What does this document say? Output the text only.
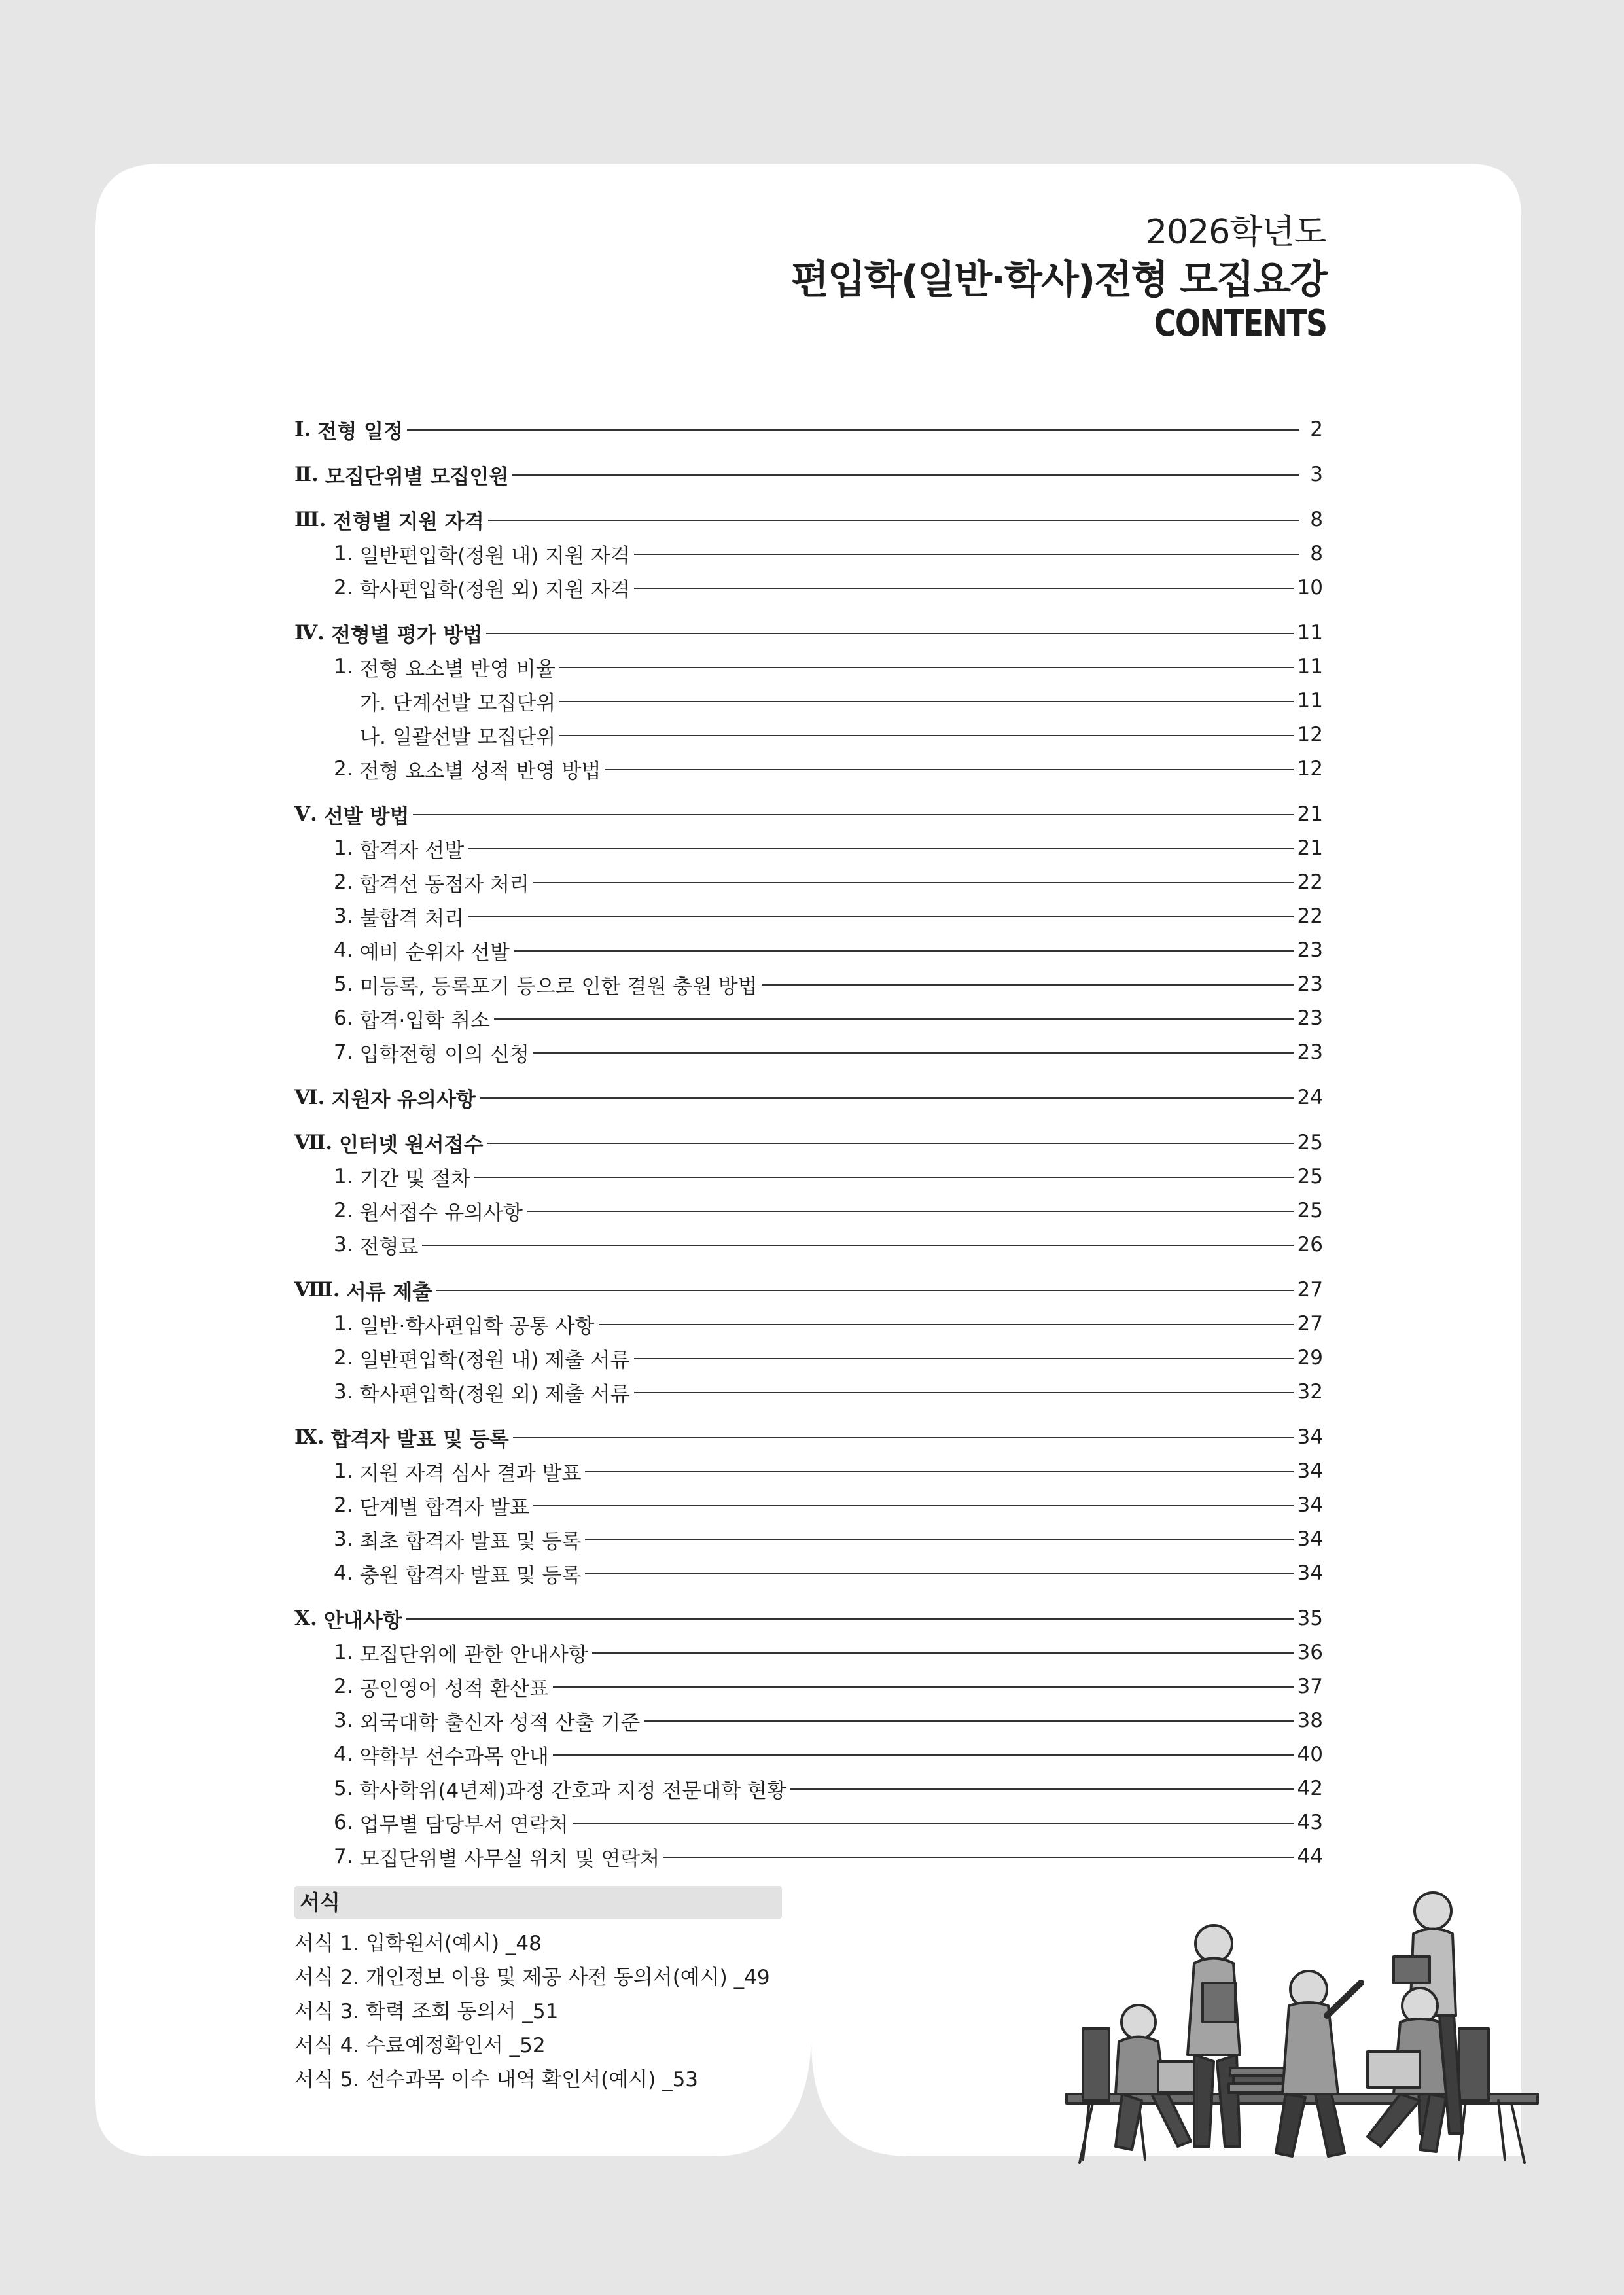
2026학년도
편입학(일반·학사)전형 모집요강
CONTENTS
Ⅰ. 전형 일정	2
Ⅱ. 모집단위별 모집인원	3
Ⅲ. 전형별 지원 자격	8
1. 일반편입학(정원 내) 지원 자격	8
2. 학사편입학(정원 외) 지원 자격	10
Ⅳ. 전형별 평가 방법	11
1. 전형 요소별 반영 비율	11
가. 단계선발 모집단위	11
나. 일괄선발 모집단위	12
2. 전형 요소별 성적 반영 방법	12
Ⅴ. 선발 방법	21
1. 합격자 선발	21
2. 합격선 동점자 처리	22
3. 불합격 처리	22
4. 예비 순위자 선발	23
5. 미등록, 등록포기 등으로 인한 결원 충원 방법	23
6. 합격·입학 취소	23
7. 입학전형 이의 신청	23
Ⅵ. 지원자 유의사항	24
Ⅶ. 인터넷 원서접수	25
1. 기간 및 절차	25
2. 원서접수 유의사항	25
3. 전형료	26
Ⅷ. 서류 제출	27
1. 일반·학사편입학 공통 사항	27
2. 일반편입학(정원 내) 제출 서류	29
3. 학사편입학(정원 외) 제출 서류	32
Ⅸ. 합격자 발표 및 등록	34
1. 지원 자격 심사 결과 발표	34
2. 단계별 합격자 발표	34
3. 최초 합격자 발표 및 등록	34
4. 충원 합격자 발표 및 등록	34
Ⅹ. 안내사항	35
1. 모집단위에 관한 안내사항	36
2. 공인영어 성적 환산표	37
3. 외국대학 출신자 성적 산출 기준	38
4. 약학부 선수과목 안내	40
5. 학사학위(4년제)과정 간호과 지정 전문대학 현황	42
6. 업무별 담당부서 연락처	43
7. 모집단위별 사무실 위치 및 연락처	44
서식
서식 1. 입학원서(예시) _48
서식 2. 개인정보 이용 및 제공 사전 동의서(예시) _49
서식 3. 학력 조회 동의서 _51
서식 4. 수료예정확인서 _52
서식 5. 선수과목 이수 내역 확인서(예시) _53
